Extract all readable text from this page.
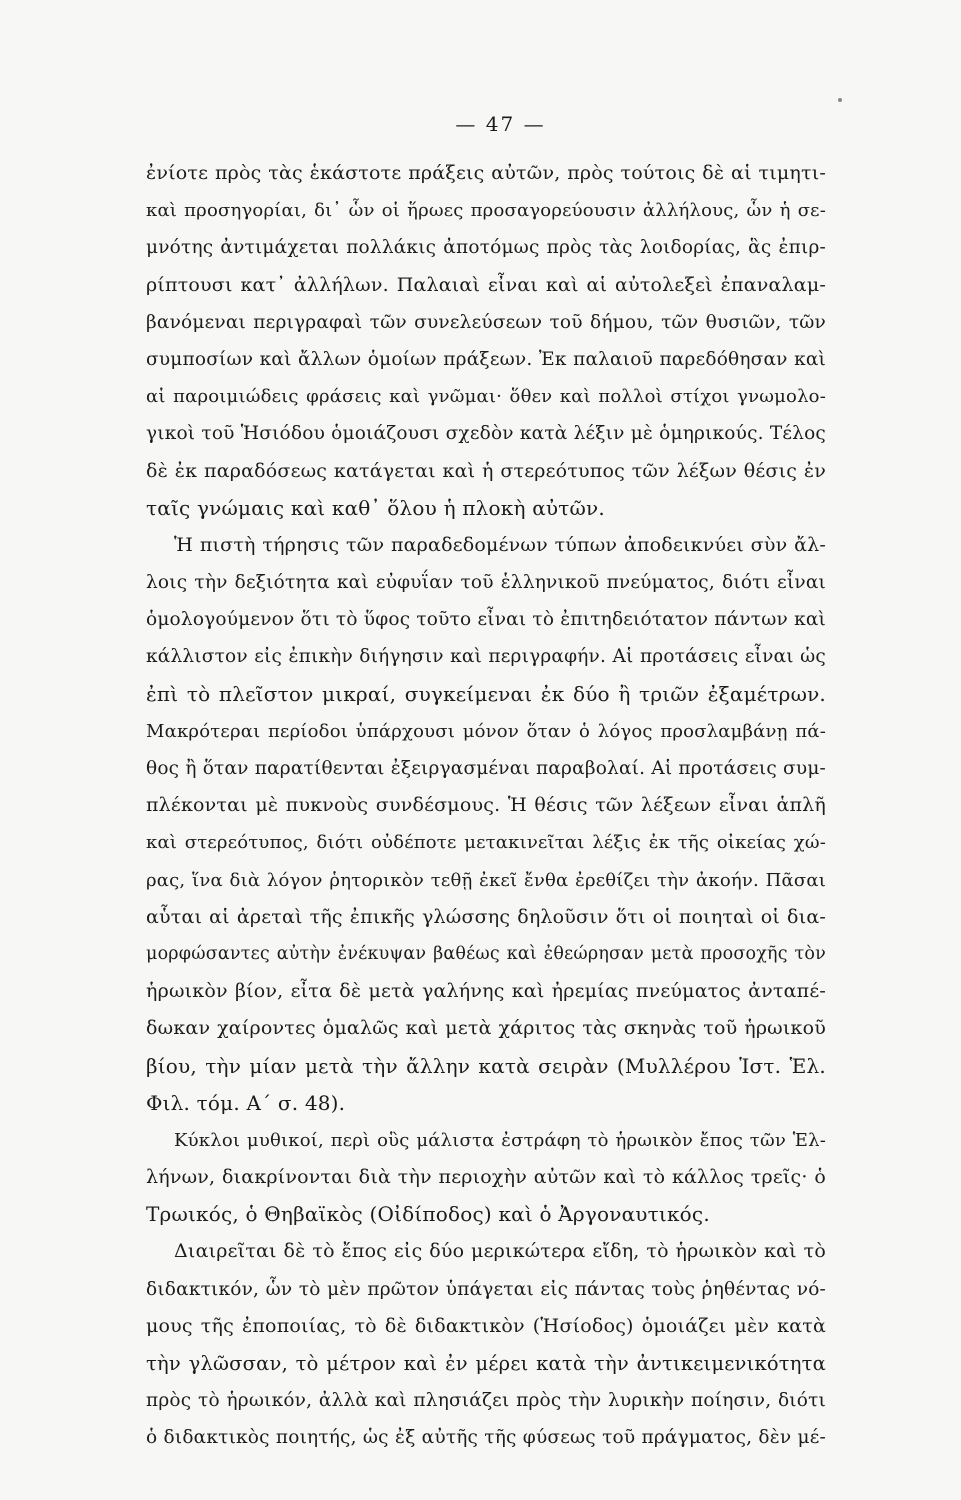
— 47 —
ἐνίοτε πρὸς τὰς ἑκάστοτε πράξεις αὐτῶν, πρὸς τούτοις δὲ αἱ τιμητι-
καὶ προσηγορίαι, δι᾽ ὧν οἱ ἥρωες προσαγορεύουσιν ἀλλήλους, ὧν ἡ σε-
μνότης ἀντιμάχεται πολλάκις ἀποτόμως πρὸς τὰς λοιδορίας, ἃς ἐπιρ-
ρίπτουσι κατ᾽ ἀλλήλων. Παλαιαὶ εἶναι καὶ αἱ αὐτολεξεὶ ἐπαναλαμ-
βανόμεναι περιγραφαὶ τῶν συνελεύσεων τοῦ δήμου, τῶν θυσιῶν, τῶν
συμποσίων καὶ ἄλλων ὁμοίων πράξεων. Ἐκ παλαιοῦ παρεδόθησαν καὶ
αἱ παροιμιώδεις φράσεις καὶ γνῶμαι· ὅθεν καὶ πολλοὶ στίχοι γνωμολο-
γικοὶ τοῦ Ἡσιόδου ὁμοιάζουσι σχεδὸν κατὰ λέξιν μὲ ὁμηρικούς. Τέλος
δὲ ἐκ παραδόσεως κατάγεται καὶ ἡ στερεότυπος τῶν λέξων θέσις ἐν
ταῖς γνώμαις καὶ καθ᾽ ὅλου ἡ πλοκὴ αὐτῶν.
Ἡ πιστὴ τήρησις τῶν παραδεδομένων τύπων ἀποδεικνύει σὺν ἄλ-
λοις τὴν δεξιότητα καὶ εὐφυΐαν τοῦ ἑλληνικοῦ πνεύματος, διότι εἶναι
ὁμολογούμενον ὅτι τὸ ὕφος τοῦτο εἶναι τὸ ἐπιτηδειότατον πάντων καὶ
κάλλιστον εἰς ἐπικὴν διήγησιν καὶ περιγραφήν. Αἱ προτάσεις εἶναι ὡς
ἐπὶ τὸ πλεῖστον μικραί, συγκείμεναι ἐκ δύο ἢ τριῶν ἐξαμέτρων.
Μακρότεραι περίοδοι ὑπάρχουσι μόνον ὅταν ὁ λόγος προσλαμβάνῃ πά-
θος ἢ ὅταν παρατίθενται ἐξειργασμέναι παραβολαί. Αἱ προτάσεις συμ-
πλέκονται μὲ πυκνοὺς συνδέσμους. Ἡ θέσις τῶν λέξεων εἶναι ἁπλῆ
καὶ στερεότυπος, διότι οὐδέποτε μετακινεῖται λέξις ἐκ τῆς οἰκείας χώ-
ρας, ἵνα διὰ λόγον ῥητορικὸν τεθῇ ἐκεῖ ἔνθα ἐρεθίζει τὴν ἀκοήν. Πᾶσαι
αὗται αἱ ἀρεταὶ τῆς ἐπικῆς γλώσσης δηλοῦσιν ὅτι οἱ ποιηταὶ οἱ δια-
μορφώσαντες αὐτὴν ἐνέκυψαν βαθέως καὶ ἐθεώρησαν μετὰ προσοχῆς τὸν
ἡρωικὸν βίον, εἶτα δὲ μετὰ γαλήνης καὶ ἠρεμίας πνεύματος ἀνταπέ-
δωκαν χαίροντες ὁμαλῶς καὶ μετὰ χάριτος τὰς σκηνὰς τοῦ ἡρωικοῦ
βίου, τὴν μίαν μετὰ τὴν ἄλλην κατὰ σειρὰν (Μυλλέρου Ἱστ. Ἑλ.
Φιλ. τόμ. Α´ σ. 48).
Κύκλοι μυθικοί, περὶ οὓς μάλιστα ἐστράφη τὸ ἡρωικὸν ἔπος τῶν Ἑλ-
λήνων, διακρίνονται διὰ τὴν περιοχὴν αὐτῶν καὶ τὸ κάλλος τρεῖς· ὁ
Τρωικός, ὁ Θηβαϊκὸς (Οἰδίποδος) καὶ ὁ Ἀργοναυτικός.
Διαιρεῖται δὲ τὸ ἔπος εἰς δύο μερικώτερα εἴδη, τὸ ἡρωικὸν καὶ τὸ
διδακτικόν, ὧν τὸ μὲν πρῶτον ὑπάγεται εἰς πάντας τοὺς ῥηθέντας νό-
μους τῆς ἐποποιίας, τὸ δὲ διδακτικὸν (Ἡσίοδος) ὁμοιάζει μὲν κατὰ
τὴν γλῶσσαν, τὸ μέτρον καὶ ἐν μέρει κατὰ τὴν ἀντικειμενικότητα
πρὸς τὸ ἡρωικόν, ἀλλὰ καὶ πλησιάζει πρὸς τὴν λυρικὴν ποίησιν, διότι
ὁ διδακτικὸς ποιητής, ὡς ἐξ αὐτῆς τῆς φύσεως τοῦ πράγματος, δὲν μέ-
